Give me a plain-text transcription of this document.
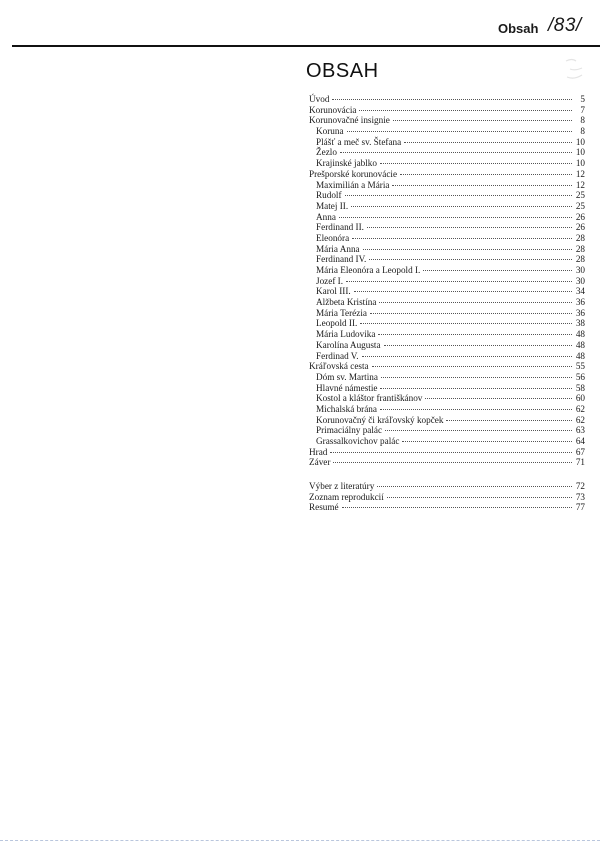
Obsah /83/
OBSAH
Úvod	5
Korunovácia	7
Korunovačné insignie	8
Koruna	8
Plášť a meč sv. Štefana	10
Žezlo	10
Krajinské jablko	10
Prešporské korunovácie	12
Maximilián a Mária	12
Rudolf	25
Matej II.	25
Anna	26
Ferdinand II.	26
Eleonóra	28
Mária Anna	28
Ferdinand IV.	28
Mária Eleonóra a Leopold I.	30
Jozef I.	30
Karol III.	34
Alžbeta Kristína	36
Mária Terézia	36
Leopold II.	38
Mária Ludovika	48
Karolína Augusta	48
Ferdinad V.	48
Kráľovská cesta	55
Dóm sv. Martina	56
Hlavné námestie	58
Kostol a kláštor františkánov	60
Michalská brána	62
Korunovačný či kráľovský kopček	62
Primaciálny palác	63
Grassalkovichov palác	64
Hrad	67
Záver	71
Výber z literatúry	72
Zoznam reprodukcií	73
Resumé	77
